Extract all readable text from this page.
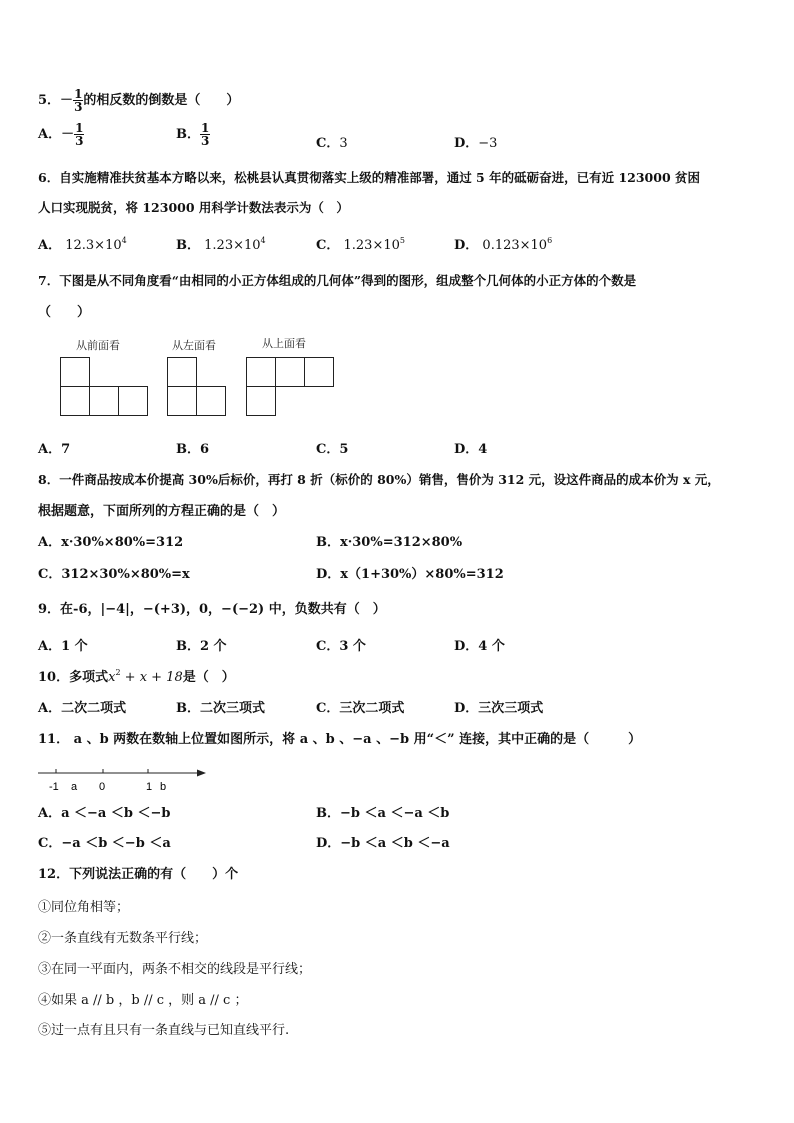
5．－ $\frac{1}{3}$ 的相反数的倒数是（　　）
A．－ $\frac{1}{3}$	B． $\frac{1}{3}$	C．3	D．−3
6．自实施精准扶贫基本方略以来，松桃县认真贯彻落实上级的精准部署，通过 5 年的砥砺奋进，已有近 123000 贫困
人口实现脱贫，将 123000 用科学计数法表示为（　）
A． $12.3\times 10^4$	B． $1.23\times 10^4$	C． $1.23\times 10^5$	D． $0.123\times 10^6$
7．下图是从不同角度看“由相同的小正方体组成的几何体”得到的图形，组成整个几何体的小正方体的个数是
（　　）
从前面看	从左面看	从上面看
A．7	B．6	C．5	D．4
8．一件商品按成本价提高 30%后标价，再打 8 折（标价的 80%）销售，售价为 312 元，设这件商品的成本价为 x 元，
根据题意，下面所列的方程正确的是（　）
A．x·30%×80%=312	B．x·30%=312×80%
C．312×30%×80%=x	D．x（1+30%）×80%=312
9．在-6，|−4|，−(+3)，0，−(−2) 中，负数共有（　）
A．1 个	B．2 个	C．3 个	D．4 个
10．多项式$x^2 + x + 18$是（　）
A．二次二项式	B．二次三项式	C．三次二项式	D．三次三项式
11． a 、b 两数在数轴上位置如图所示，将 a 、b 、−a 、−b 用“＜” 连接，其中正确的是（　　　）
-1 a 0	1 b
A．a ＜−a ＜b ＜−b	B．−b ＜a ＜−a ＜b
C．−a ＜b ＜−b ＜a	D．−b ＜a ＜b ＜−a
12．下列说法正确的有（　　）个
①同位角相等；
②一条直线有无数条平行线；
③在同一平面内，两条不相交的线段是平行线；
④如果 a // b ，b // c ，则 a // c ；
⑤过一点有且只有一条直线与已知直线平行.
